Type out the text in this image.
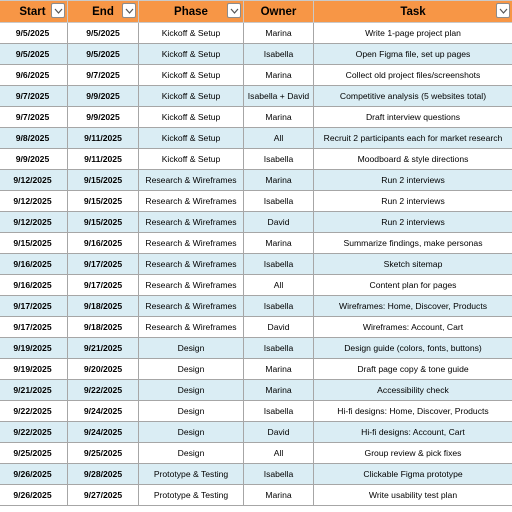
Start	End	Phase	Owner	Task

9/5/2025	9/5/2025	Kickoff & Setup	Marina	Write 1-page project plan
9/5/2025	9/5/2025	Kickoff & Setup	Isabella	Open Figma file, set up pages
9/6/2025	9/7/2025	Kickoff & Setup	Marina	Collect old project files/screenshots
9/7/2025	9/9/2025	Kickoff & Setup	Isabella + David	Competitive analysis (5 websites total)
9/7/2025	9/9/2025	Kickoff & Setup	Marina	Draft interview questions
9/8/2025	9/11/2025	Kickoff & Setup	All	Recruit 2 participants each for market research
9/9/2025	9/11/2025	Kickoff & Setup	Isabella	Moodboard & style directions
9/12/2025	9/15/2025	Research & Wireframes	Marina	Run 2 interviews
9/12/2025	9/15/2025	Research & Wireframes	Isabella	Run 2 interviews
9/12/2025	9/15/2025	Research & Wireframes	David	Run 2 interviews
9/15/2025	9/16/2025	Research & Wireframes	Marina	Summarize findings, make personas
9/16/2025	9/17/2025	Research & Wireframes	Isabella	Sketch sitemap
9/16/2025	9/17/2025	Research & Wireframes	All	Content plan for pages
9/17/2025	9/18/2025	Research & Wireframes	Isabella	Wireframes: Home, Discover, Products
9/17/2025	9/18/2025	Research & Wireframes	David	Wireframes: Account, Cart
9/19/2025	9/21/2025	Design	Isabella	Design guide (colors, fonts, buttons)
9/19/2025	9/20/2025	Design	Marina	Draft page copy & tone guide
9/21/2025	9/22/2025	Design	Marina	Accessibility check
9/22/2025	9/24/2025	Design	Isabella	Hi-fi designs: Home, Discover, Products
9/22/2025	9/24/2025	Design	David	Hi-fi designs: Account, Cart
9/25/2025	9/25/2025	Design	All	Group review & pick fixes
9/26/2025	9/28/2025	Prototype & Testing	Isabella	Clickable Figma prototype
9/26/2025	9/27/2025	Prototype & Testing	Marina	Write usability test plan
